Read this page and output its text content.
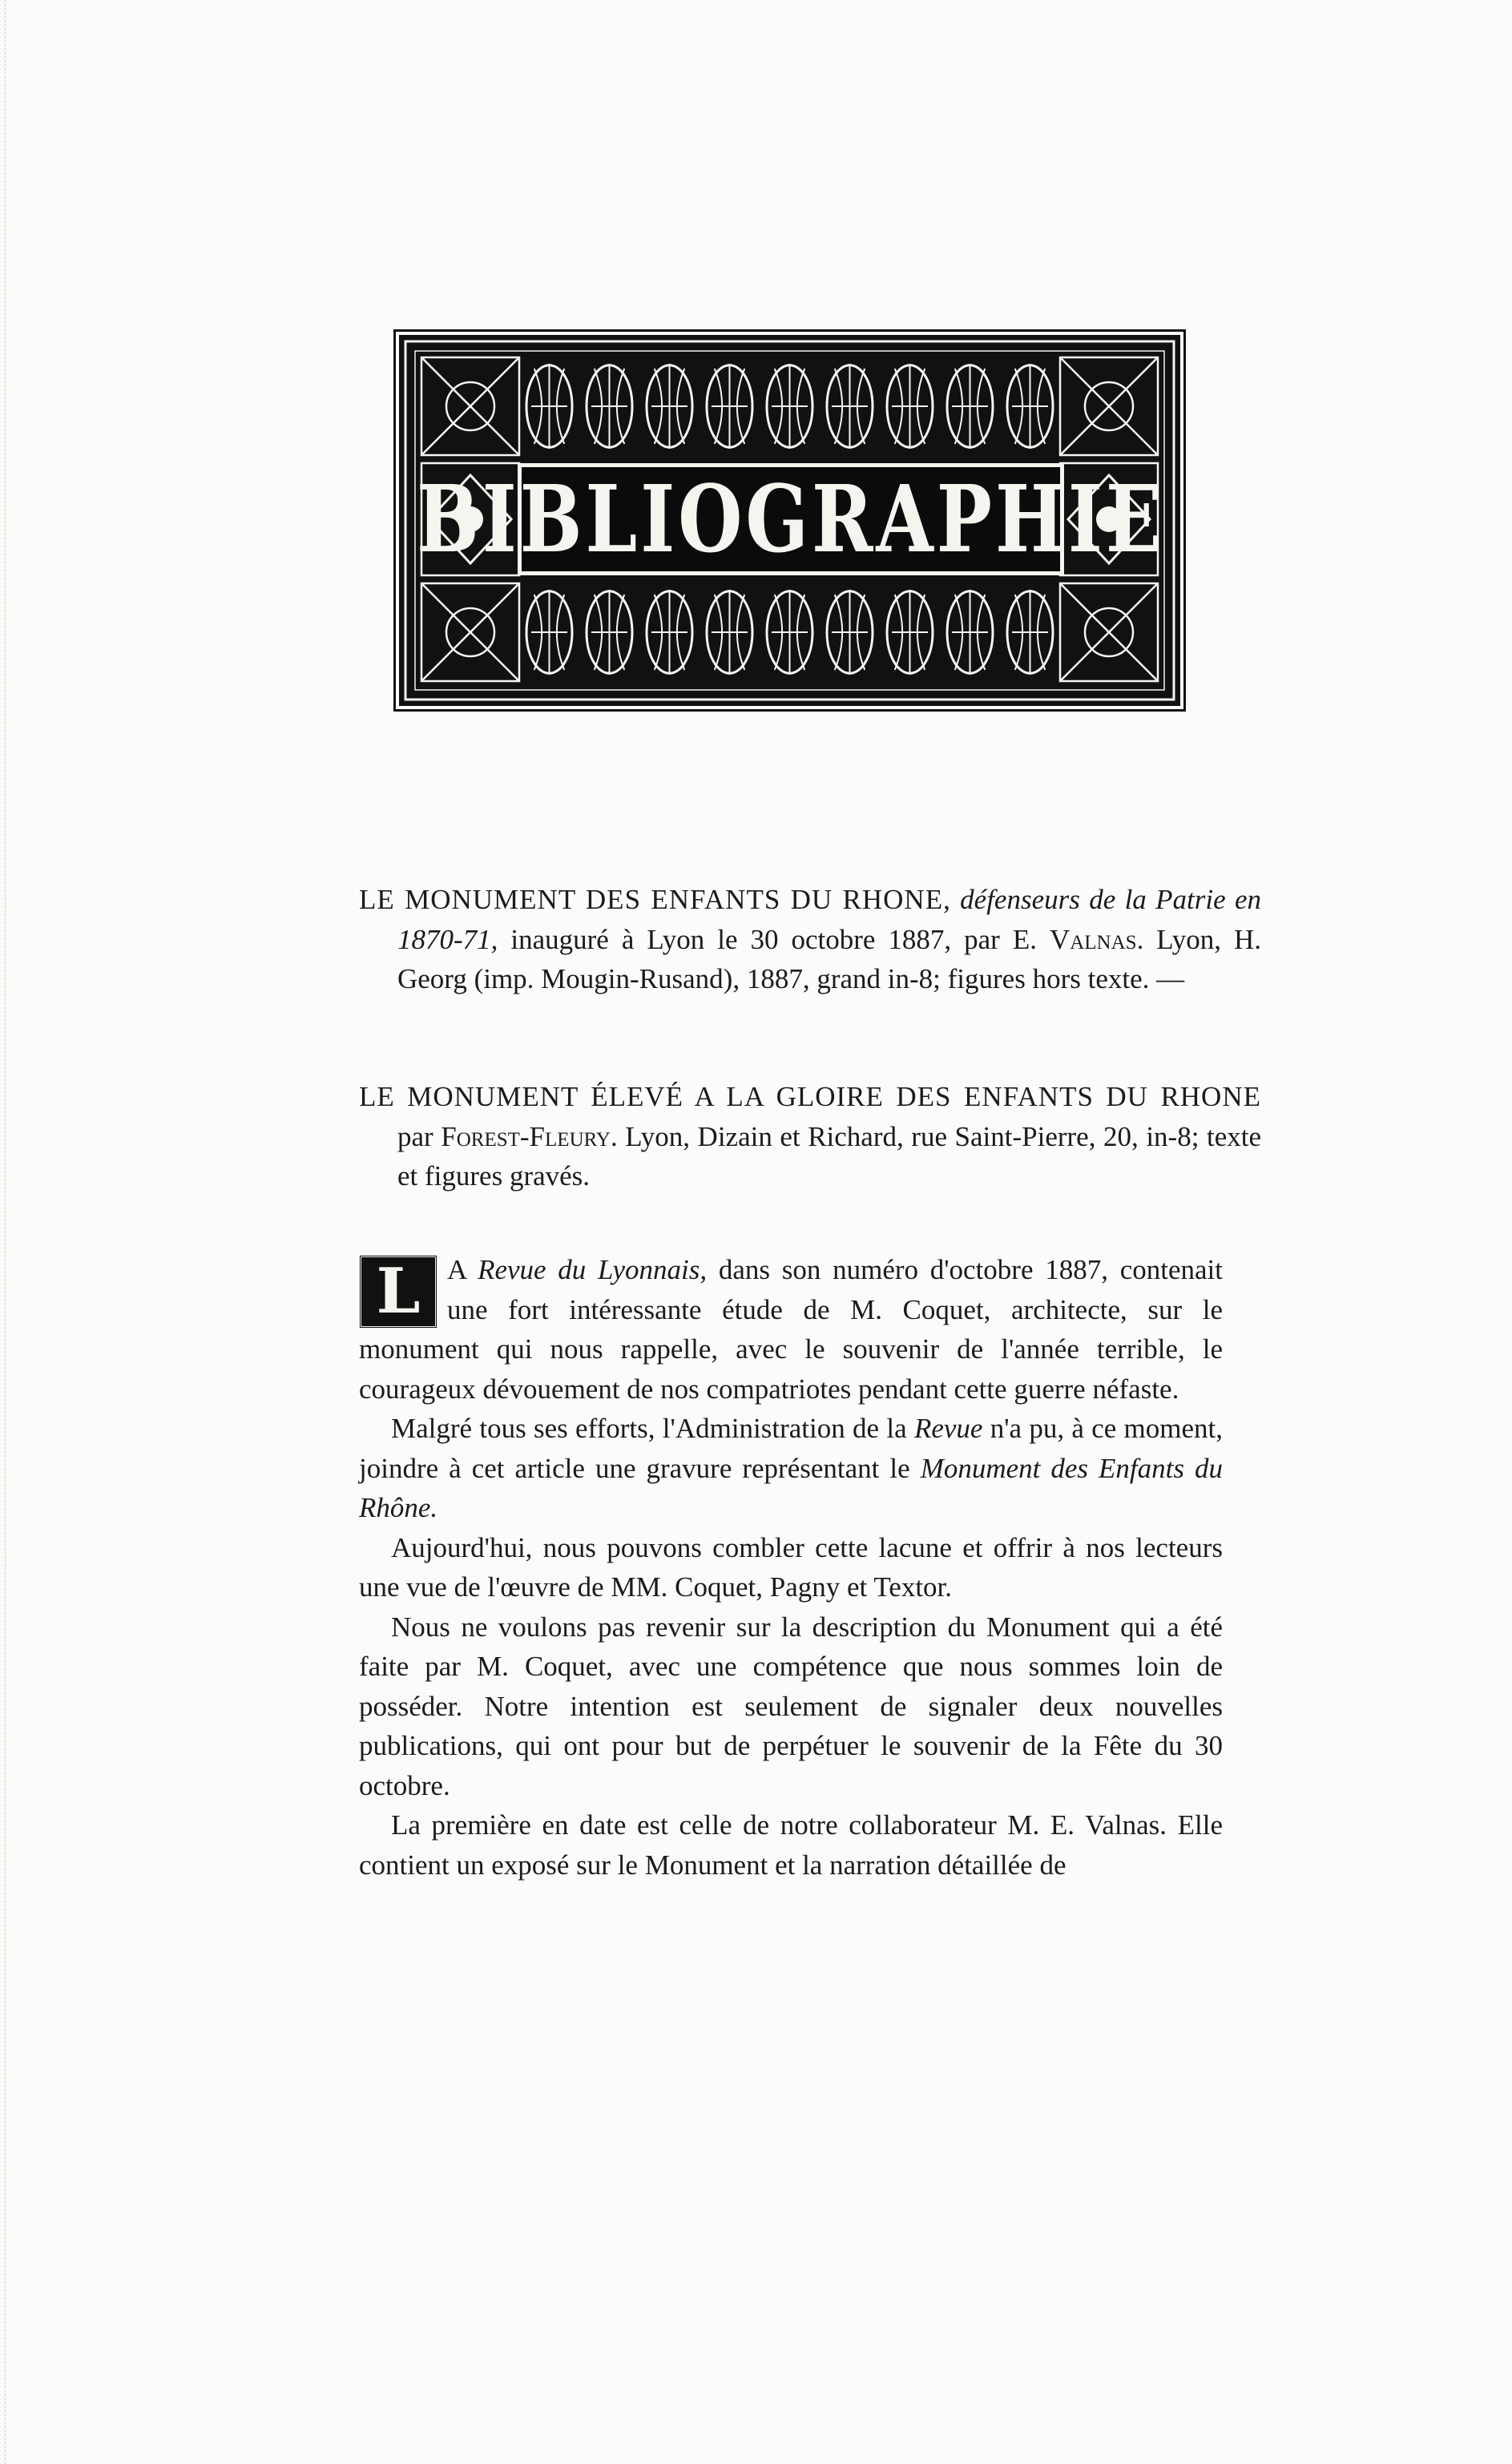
BIBLIOGRAPHIE
LE MONUMENT DES ENFANTS DU RHONE, défenseurs de la Patrie en 1870-71, inauguré à Lyon le 30 octobre 1887, par E. Valnas. Lyon, H. Georg (imp. Mougin-Rusand), 1887, grand in-8; figures hors texte. —
LE MONUMENT ÉLEVÉ A LA GLOIRE DES ENFANTS DU RHONE par Forest-Fleury. Lyon, Dizain et Richard, rue Saint-Pierre, 20, in-8; texte et figures gravés.

L A Revue du Lyonnais, dans son numéro d'octobre 1887, contenait une fort intéressante étude de M. Coquet, architecte, sur le monument qui nous rappelle, avec le souvenir de l'année terrible, le courageux dévouement de nos compatriotes pendant cette guerre néfaste.

Malgré tous ses efforts, l'Administration de la Revue n'a pu, à ce moment, joindre à cet article une gravure représentant le Monument des Enfants du Rhône.

Aujourd'hui, nous pouvons combler cette lacune et offrir à nos lecteurs une vue de l'œuvre de MM. Coquet, Pagny et Textor.

Nous ne voulons pas revenir sur la description du Monument qui a été faite par M. Coquet, avec une compétence que nous sommes loin de posséder. Notre intention est seulement de signaler deux nouvelles publications, qui ont pour but de perpétuer le souvenir de la Fête du 30 octobre.

La première en date est celle de notre collaborateur M. E. Valnas. Elle contient un exposé sur le Monument et la narration détaillée de
